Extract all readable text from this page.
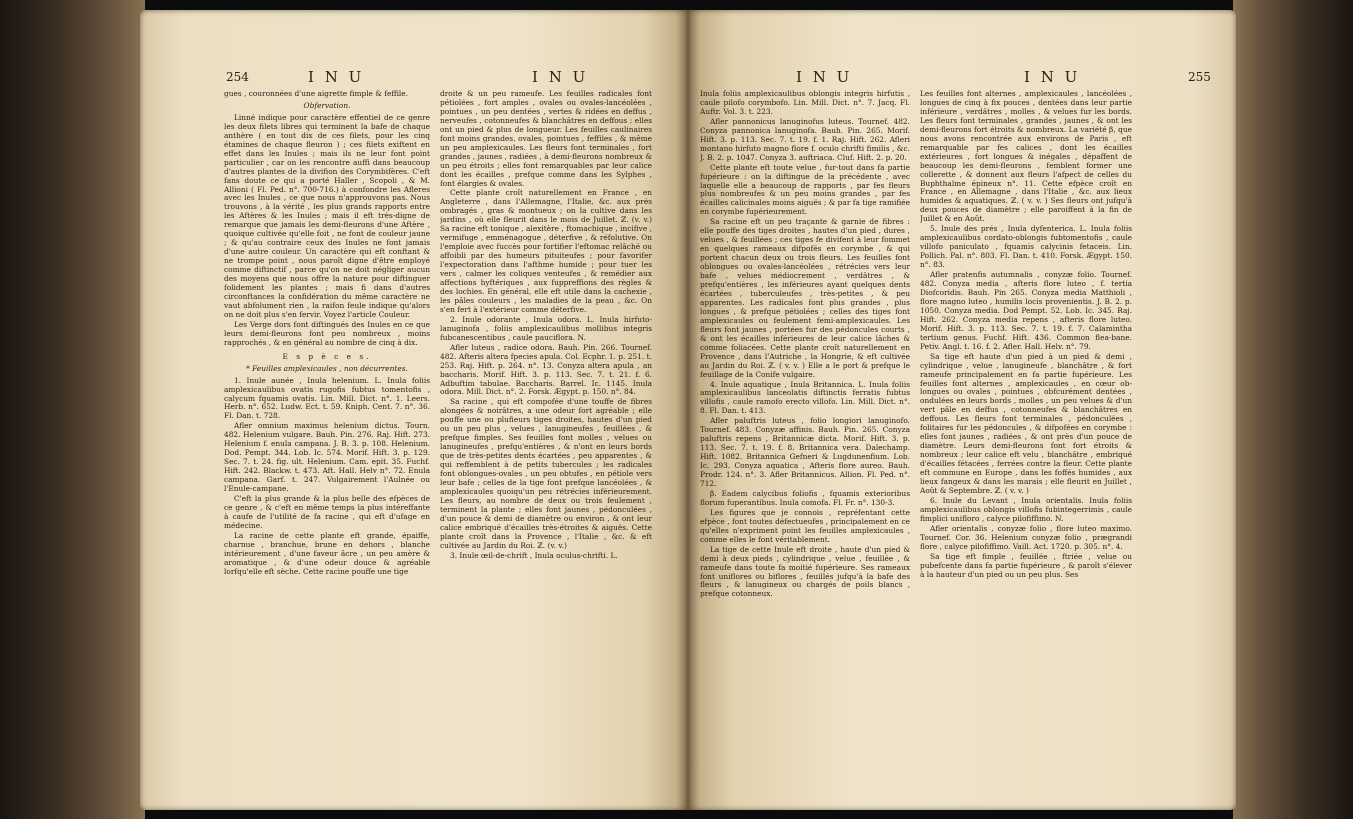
254	I N U	I N U

gues , couronnées d'une aigrette fimple & feffile.

Obfervation.

Linné indique pour caractère effentiel de ce genre les deux filets libres qui terminent la bafe de chaque anthère ( en tout dix de ces filets, pour les cinq étamines de chaque fleuron ) ; ces filets exiftent en effet dans les Inules ; mais ils ne leur font point particulier , car on les rencontre auffi dans beaucoup d'autres plantes de la divifion des Corymbifères. C'eft fans doute ce qui a porté Haller , Scopoli , & M. Allioni ( Fl. Ped. n°. 700-716.) à confondre les Afleres avec les Inules , ce que nous n'approuvons pas. Nous trouvons , à la vérité , les plus grands rapports entre les Aftères & les Inules ; mais il eft très-digne de remarque que jamais les demi-fleurons d'une Aftère , quoique cultivée qu'elle foit , ne font de couleur jaune ; & qu'au contraire ceux des Inules ne font jamais d'une autre couleur. Un caractère qui eft conftant & ne trompe point , nous paroît digne d'être employé comme diftinctif , parce qu'on ne doit négliger aucun des moyens que nous offre la nature pour diftinguer folidement les plantes ; mais fi dans d'autres circonftances la confidération du même caractère ne vaut abfolument rien , la raifon feule indique qu'alors on ne doit plus s'en fervir. Voyez l'article Couleur.

Les Verge dors font diftingués des Inules en ce que leurs demi-fleurons font peu nombreux , moins rapprochés , & en général au nombre de cinq à dix.

E s p è c e s.

* Feuilles amplexicaules , non décurrentes.

1. Inule aunée , Inula helenium. L. Inula foliis amplexicaulibus ovatis rugofis fubtus tomentofis , calycum fquamis ovatis. Lin. Mill. Dict. n°. 1. Leers. Herb. n°. 652. Ludw. Ect. t. 59. Kniph. Cent. 7. n°. 36. Fl. Dan. t. 728.

Afler omnium maximus helenium dictus. Tourn. 482. Helenium vulgare. Bauh. Pin. 276. Raj. Hift. 273. Helenium f. enula campana. J. B. 3. p. 108. Helenium. Dod. Pempt. 344. Lob. Ic. 574. Morif. Hift. 3. p. 129. Sec. 7. t. 24. fig. ult. Helenium. Cam. epit. 35. Fuchf. Hift. 242. Blackw. t. 473. Aft. Hall. Helv n°. 72. Enula campana. Garf. t. 247. Vulgairement l'Aulnée ou l'Enule-campane.

C'eft la plus grande & la plus belle des efpèces de ce genre , & c'eft en même temps la plus intéreffante à caufe de l'utilité de fa racine , qui eft d'ufage en médecine.

La racine de cette plante eft grande, épaiffe, charnue , branchue, brune en dehors , blanche intérieurement , d'une faveur âcre , un peu amère & aromatique , & d'une odeur douce & agréable lorfqu'elle eft sèche. Cette racine pouffe une tige

droite & un peu rameufe. Les feuilles radicales font pétiolées , fort amples , ovales ou ovales-lancéolées , pointues , un peu dentées , vertes & ridées en deffus , nerveufes , cotonneufes & blanchâtres en deffous ; elles ont un pied & plus de longueur. Les feuilles caulinaires font moins grandes, ovales, pointues , feffiles , & même un peu amplexicaules. Les fleurs font terminales , fort grandes , jaunes , radiées , à demi-fleurons nombreux & un peu étroits ; elles font remarquables par leur calice dont les écailles , prefque comme dans les Sylphes , font élargies & ovales.

Cette plante croît naturellement en France , en Angleterre , dans l'Allemagne, l'Italie, &c. aux prés ombragés , gras & montueux ; on la cultive dans les jardins , où elle fleurit dans le mois de Juillet. ℤ. (v. v.) Sa racine eft tonique , alexitère , ftomachique , incifive , vermifuge , emménagogue , déterfive , & réfolutive. On l'emploie avec fuccès pour fortifier l'eftomac relâché ou affoibli par des humeurs pituiteufes ; pour favorifer l'expectoration dans l'afthme humide ; pour tuer les vers , calmer les coliques venteufes , & remédier aux affections hyftériques , aux fuppreffions des règles & des lochies. En général, elle eft utile dans la cachexie , les pâles couleurs , les maladies de la peau , &c. On s'en fert à l'extérieur comme déterfive.

2. Inule odorante , Inula odora. L. Inula hirfuto-lanuginofa , foliis amplexicaulibus mollibus integris fubcanescentibus , caule pauciflora. N.

Afler luteus , radice odora. Bauh. Pin. 266. Tournef. 482. Afteris altera fpecies apula. Col. Ecphr. 1. p. 251. t. 253. Raj. Hift. p. 264. n°. 13. Conyza altera apula , an baccharis. Morif. Hift. 3. p. 113. Sec. 7. t. 21. f. 6. Adbuftim tabulae. Baccharis. Barrel. Ic. 1145. Inula odora. Mill. Dict. n°. 2. Forsk. Ægypt. p. 150. n°. 84.

Sa racine , qui eft compofée d'une touffe de fibres alongées & noirâtres, a une odeur fort agréable ; elle pouffe une ou plufieurs tiges droites, hautes d'un pied ou un peu plus , velues , lanugineufes , feuillées , & prefque fimples. Ses feuilles font molles , velues ou lanugineufes , prefqu'entières , & n'ont en leurs bords que de très-petites dents écartées , peu apparentes , & qui reffemblent à de petits tubercules ; les radicales font oblongues-ovales , un peu obtufes , en pétiole vers leur bafe ; celles de la tige font prefque lancéolées , & amplexicaules quoiqu'un peu rétrécies inférieurement. Les fleurs, au nombre de deux ou trois feulement , terminent la plante ; elles font jaunes , pédonculées , d'un pouce & demi de diamètre ou environ , & ont leur calice embriqué d'écailles très-étroites & aiguës. Cette plante croît dans la Provence , l'Italie , &c. & eft cultivée au Jardin du Roi. ℤ. (v. v.)

3. Inule œil-de-chrift , Inula oculus-chrifti. L.

I N U	I N U	255

Inula foliis amplexicaulibus oblongis integris hirfutis , caule pilofo corymbofo. Lin. Mill. Dict. n°. 7. Jacq. Fl. Auftr. Vol. 3. t. 223.

Afler pannonicus lanuginofus luteus. Tournef. 482. Conyza pannonica lanuginofa. Bauh. Pin. 265. Morif. Hift. 3. p. 113. Sec. 7. t. 19. f. 1. Raj. Hift. 262. Afleri montano hirfuto magno flore f. oculo chrifti fimilis , &c. J. B. 2. p. 1047. Conyza 3. auftriaca. Cluf. Hift. 2. p. 20.

Cette plante eft toute velue , fur-tout dans fa partie fupérieure : on la diftingue de la précédente , avec laquelle elle a beaucoup de rapports , par fes fleurs plus nombreufes & un peu moins grandes , par fes écailles calicinales moins aiguës ; & par fa tige ramifiée en corymbe fupérieurement.

Sa racine eft un peu traçante & garnie de fibres : elle pouffe des tiges droites , hautes d'un pied , dures , velues , & feuillées ; ces tiges fe divifent à leur fommet en quelques rameaux difpofés en corymbe , & qui portent chacun deux ou trois fleurs. Les feuilles font oblongues ou ovales-lancéolées , rétrécies vers leur bafe , velues médiocrement , verdâtres , & prefqu'entières , les inférieures ayant quelques dents écartées , tuberculeufes , très-petites , & peu apparentes. Les radicales font plus grandes , plus longues , & prefque pétiolées ; celles des tiges font amplexicaules ou feulement femi-amplexicaules. Les fleurs font jaunes , portées fur des pédoncules courts , & ont les écailles inférieures de leur calice lâches & comme foliacées. Cette plante croît naturellement en Provence , dans l'Autriche , la Hongrie, & eft cultivée au Jardin du Roi. ℤ. ( v. v. ) Elle a le port & prefque le feuillage de la Conife vulgaire.

4. Inule aquatique , Inula Britannica. L. Inula foliis amplexicaulibus lanceolatis diftinctis ferratis fubtus villofis , caule ramofo erecto villofo. Lin. Mill. Dict. n°. 8. Fl. Dan. t. 413.

Afler paluftris luteus , folio longiori lanuginofo. Tournef. 483. Conyzæ affinis. Bauh. Pin. 265. Conyza paluftris repens , Britannicæ dicta. Morif. Hift. 3. p. 113. Sec. 7. t. 19. f. 8. Britannica vera. Dalechamp. Hift. 1082. Britannica Gefneri & Lugdunenfium. Lob. Ic. 293. Conyza aquatica , Afteris flore aureo. Bauh. Prodr. 124. n°. 3. Afler Britannicus. Allion. Fl. Ped. n°. 712.

β. Eadem calycibus foliofis , fquamis exterioribus florum fuperantibus. Inula comofa. Fl. Fr. n°. 130-3.

Les figures que je connois , repréfentant cette efpèce , font toutes défectueufes , principalement en ce qu'elles n'expriment point les feuilles amplexicaules , comme elles le font véritablement.

La tige de cette Inule eft droite , haute d'un pied & demi à deux pieds , cylindrique , velue , feuillée , & rameufe dans toute fa moitié fupérieure. Ses rameaux font uniflores ou biflores , feuillés jufqu'à la bafe des fleurs , & lanugineux ou chargés de poils blancs , prefque cotonneux.

Les feuilles font alternes , amplexicaules , lancéolées , longues de cinq à fix pouces , dentées dans leur partie inférieure , verdâtres , molles , & velues fur les bords. Les fleurs font terminales , grandes , jaunes , & ont les demi-fleurons fort étroits & nombreux. La variété β, que nous avons rencontrée aux environs de Paris , eft remarquable par fes calices , dont les écailles extérieures , fort longues & inégales , dépaffent de beaucoup les demi-fleurons , femblent former une collerette , & donnent aux fleurs l'afpect de celles du Buphthalme épineux n°. 11. Cette efpèce croît en France , en Allemagne , dans l'Italie , &c. aux lieux humides & aquatiques. ℤ. ( v. v. ) Ses fleurs ont jufqu'à deux pouces de diamètre ; elle paroiffent à la fin de Juillet & en Août.

5. Inule des prés , Inula dyfenterica. L. Inula foliis amplexicaulibus cordato-oblongis fubtomentofis , caule villofo paniculato , fquamis calycinis fetaceis. Lin. Pollich. Pal. n°. 803. Fl. Dan. t. 410. Forsk. Ægypt. 150. n°. 83.

Afler pratenfis autumnalis , conyzæ folio. Tournef. 482. Conyza media , afteris flore luteo , f. tertia Diofcoridis. Bauh. Pin 265. Conyza media Matthioli , flore magno luteo , humilis locis provenientis. J. B. 2. p. 1050. Conyza media. Dod Pempt. 52. Lob. Ic. 345. Raj. Hift. 262. Conyza media repens , afteris flore luteo. Morif. Hift. 3. p. 113. Sec. 7. t. 19. f. 7. Calamintha tertium genus. Fuchf. Hift. 436. Common flea-bane. Petiv. Angl. t. 16. f. 2. Afler. Hall. Helv. n°. 79.

Sa tige eft haute d'un pied à un pied & demi , cylindrique , velue , lanugineufe , blanchâtre , & fort rameufe principalement en fa partie fupérieure. Les feuilles font alternes , amplexicaules , en cœur ob-longues ou ovales , pointues , obfcurément dentées , ondulées en leurs bords , molles , un peu velues & d'un vert pâle en deffus , cotonneufes & blanchâtres en deffous. Les fleurs font terminales , pédonculées , folitaires fur les pédoncules , & difpofées en corymbe : elles font jaunes , radiées , & ont près d'un pouce de diamètre. Leurs demi-fleurons font fort étroits & nombreux ; leur calice eft velu , blanchâtre , embriqué d'écailles fétacées , ferrées contre la fleur. Cette plante eft commune en Europe , dans les foffés humides , aux lieux fangeux & dans les marais ; elle fleurit en Juillet , Août & Septembre. ℤ. ( v. v. )

6. Inule du Levant , Inula orientalis. Inula foliis amplexicaulibus oblongis villofis fubintegerrimis , caule fimplici unifloro , calyce pilofiffimo. N.

Afler orientalis , conyzæ folio , flore luteo maximo. Tournef. Cor. 36. Helenium conyzæ folio , prægrandi flore , calyce pilofiffimo. Vaill. Act. 1720. p. 305. n°. 4.

Sa tige eft fimple , feuillée , ftriée , velue ou pubefcente dans fa partie fupérieure , & paroît s'élever à la hauteur d'un pied ou un peu plus. Ses
